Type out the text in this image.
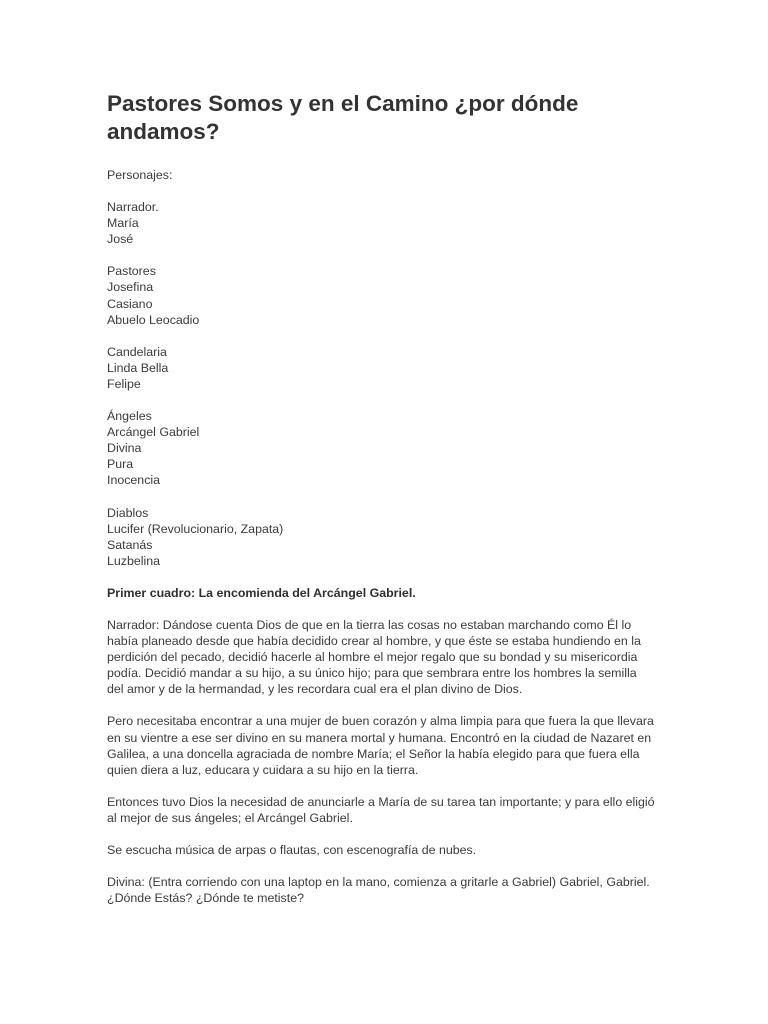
Pastores Somos y en el Camino ¿por dónde
andamos?
Personajes:
Narrador.
María
José
Pastores
Josefina
Casiano
Abuelo Leocadio
Candelaria
Linda Bella
Felipe
Ángeles
Arcángel Gabriel
Divina
Pura
Inocencia
Diablos
Lucifer (Revolucionario, Zapata)
Satanás
Luzbelina
Primer cuadro: La encomienda del Arcángel Gabriel.
Narrador: Dándose cuenta Dios de que en la tierra las cosas no estaban marchando como Él lo
había planeado desde que había decidido crear al hombre, y que éste se estaba hundiendo en la
perdición del pecado, decidió hacerle al hombre el mejor regalo que su bondad y su misericordia
podía. Decidió mandar a su hijo, a su único hijo; para que sembrara entre los hombres la semilla
del amor y de la hermandad, y les recordara cual era el plan divino de Dios.
Pero necesitaba encontrar a una mujer de buen corazón y alma limpia para que fuera la que llevara
en su vientre a ese ser divino en su manera mortal y humana. Encontró en la ciudad de Nazaret en
Galilea, a una doncella agraciada de nombre María; el Señor la había elegido para que fuera ella
quien diera a luz, educara y cuidara a su hijo en la tierra.
Entonces tuvo Dios la necesidad de anunciarle a María de su tarea tan importante; y para ello eligió
al mejor de sus ángeles; el Arcángel Gabriel.
Se escucha música de arpas o flautas, con escenografía de nubes.
Divina: (Entra corriendo con una laptop en la mano, comienza a gritarle a Gabriel) Gabriel, Gabriel.
¿Dónde Estás? ¿Dónde te metiste?
